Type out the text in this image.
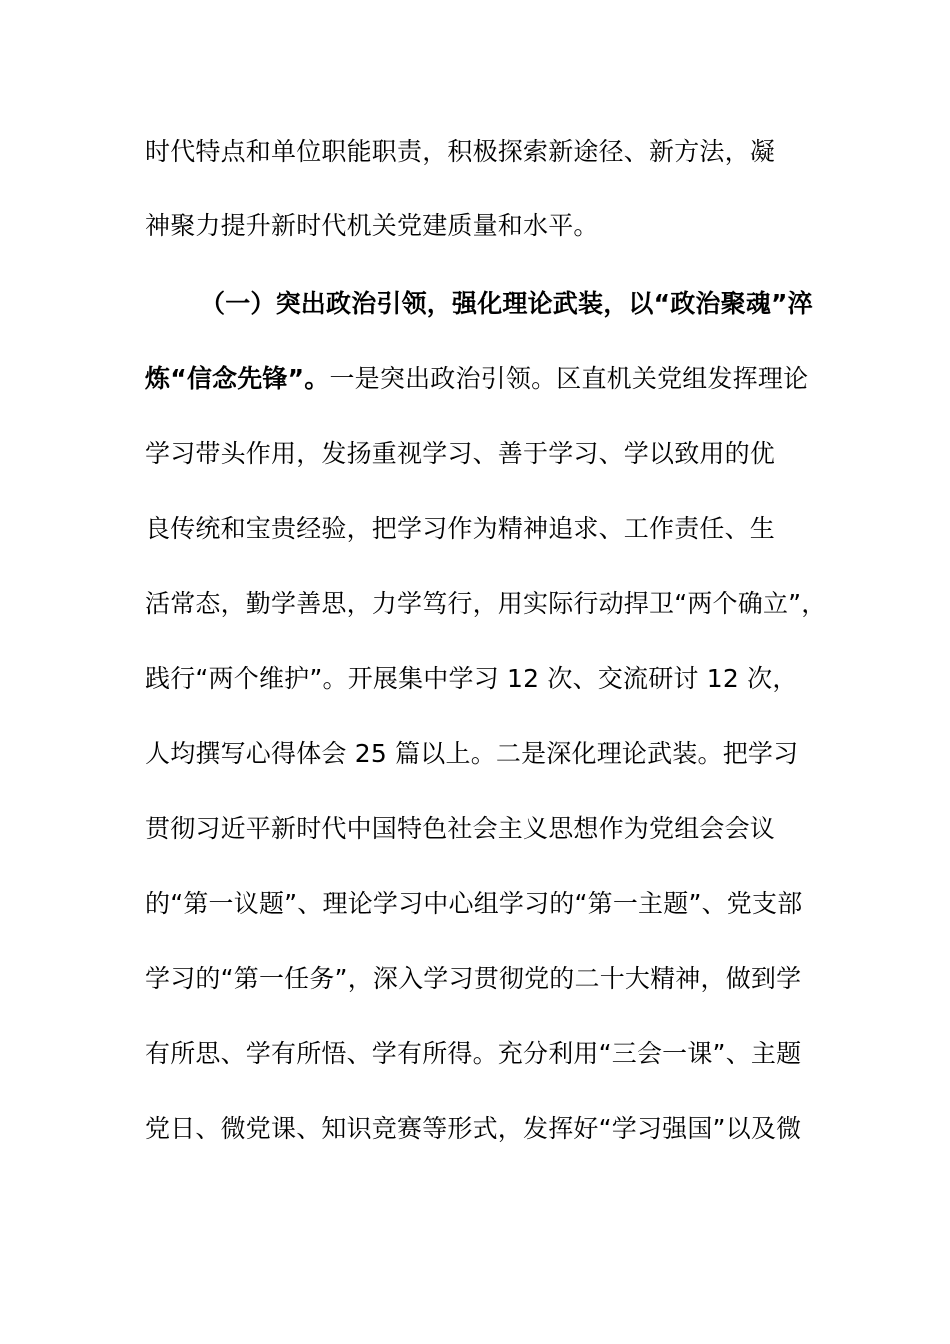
时代特点和单位职能职责，积极探索新途径、新方法，凝
神聚力提升新时代机关党建质量和水平。
（一）突出政治引领，强化理论武装，以“政治聚魂”淬
炼“信念先锋”。一是突出政治引领。区直机关党组发挥理论
学习带头作用，发扬重视学习、善于学习、学以致用的优
良传统和宝贵经验，把学习作为精神追求、工作责任、生
活常态，勤学善思，力学笃行，用实际行动捍卫“两个确立”，
践行“两个维护”。开展集中学习 12 次、交流研讨 12 次，
人均撰写心得体会 25 篇以上。二是深化理论武装。把学习
贯彻习近平新时代中国特色社会主义思想作为党组会会议
的“第一议题”、理论学习中心组学习的“第一主题”、党支部
学习的“第一任务”，深入学习贯彻党的二十大精神，做到学
有所思、学有所悟、学有所得。充分利用“三会一课”、主题
党日、微党课、知识竞赛等形式，发挥好“学习强国”以及微
